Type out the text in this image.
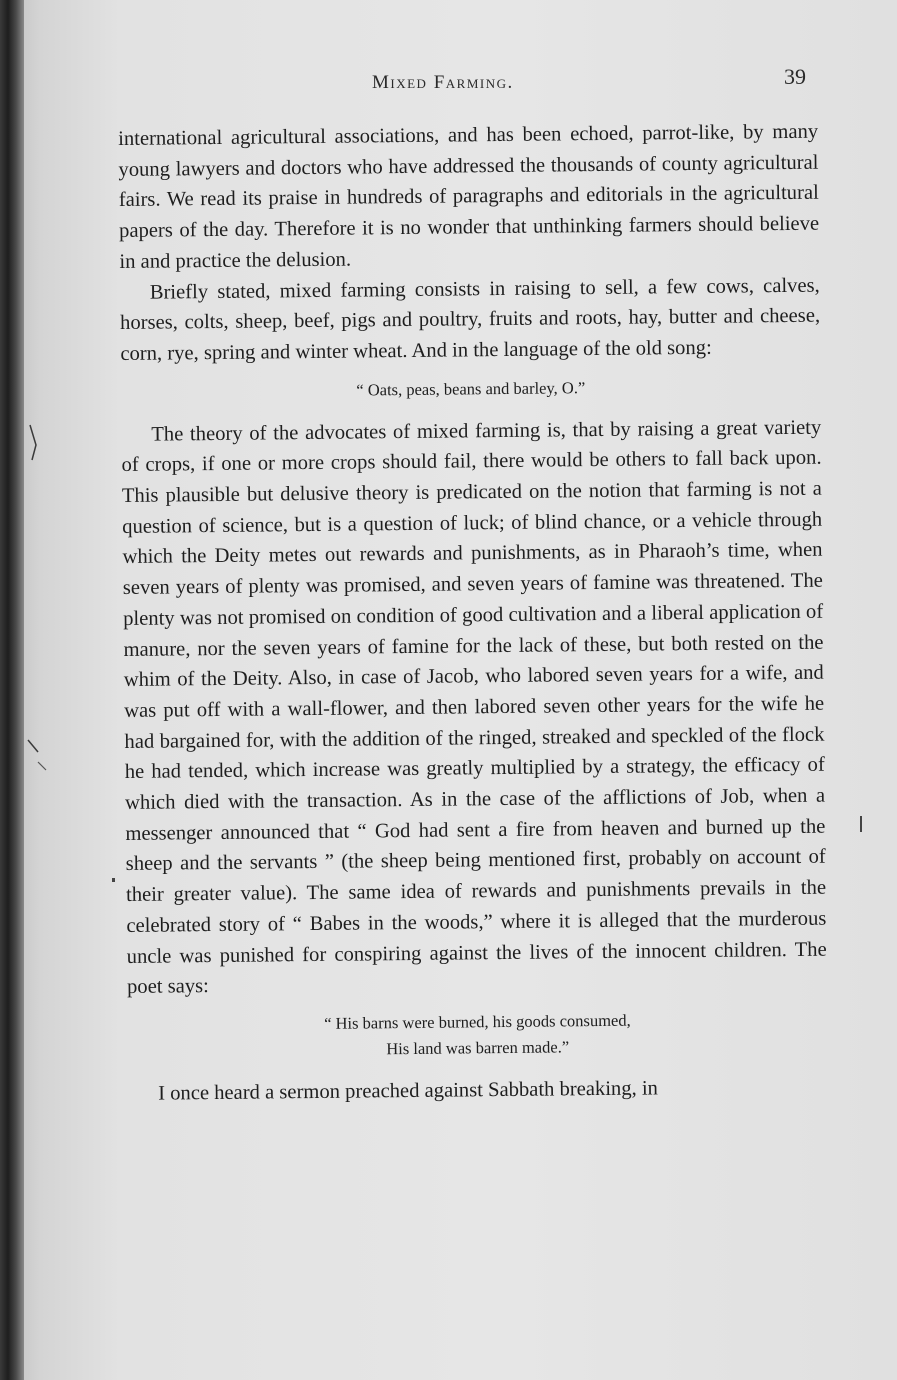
Mixed Farming.	39

international agricultural associations, and has been echoed, parrot-like, by many young lawyers and doctors who have addressed the thousands of county agricultural fairs. We read its praise in hundreds of paragraphs and editorials in the agricultural papers of the day. Therefore it is no wonder that unthinking farmers should believe in and practice the delusion.

Briefly stated, mixed farming consists in raising to sell, a few cows, calves, horses, colts, sheep, beef, pigs and poultry, fruits and roots, hay, butter and cheese, corn, rye, spring and winter wheat. And in the language of the old song:

“ Oats, peas, beans and barley, O.”

The theory of the advocates of mixed farming is, that by raising a great variety of crops, if one or more crops should fail, there would be others to fall back upon. This plausible but delusive theory is predicated on the notion that farming is not a question of science, but is a question of luck; of blind chance, or a vehicle through which the Deity metes out rewards and punishments, as in Pharaoh’s time, when seven years of plenty was promised, and seven years of famine was threatened. The plenty was not promised on condition of good cultivation and a liberal application of manure, nor the seven years of famine for the lack of these, but both rested on the whim of the Deity. Also, in case of Jacob, who labored seven years for a wife, and was put off with a wall-flower, and then labored seven other years for the wife he had bargained for, with the addition of the ringed, streaked and speckled of the flock he had tended, which increase was greatly multiplied by a strategy, the efficacy of which died with the transaction. As in the case of the afflictions of Job, when a messenger announced that “ God had sent a fire from heaven and burned up the sheep and the servants ” (the sheep being mentioned first, probably on account of their greater value). The same idea of rewards and punishments prevails in the celebrated story of “ Babes in the woods,” where it is alleged that the murderous uncle was punished for conspiring against the lives of the innocent children. The poet says:

“ His barns were burned, his goods consumed,

His land was barren made.”

I once heard a sermon preached against Sabbath breaking, in
